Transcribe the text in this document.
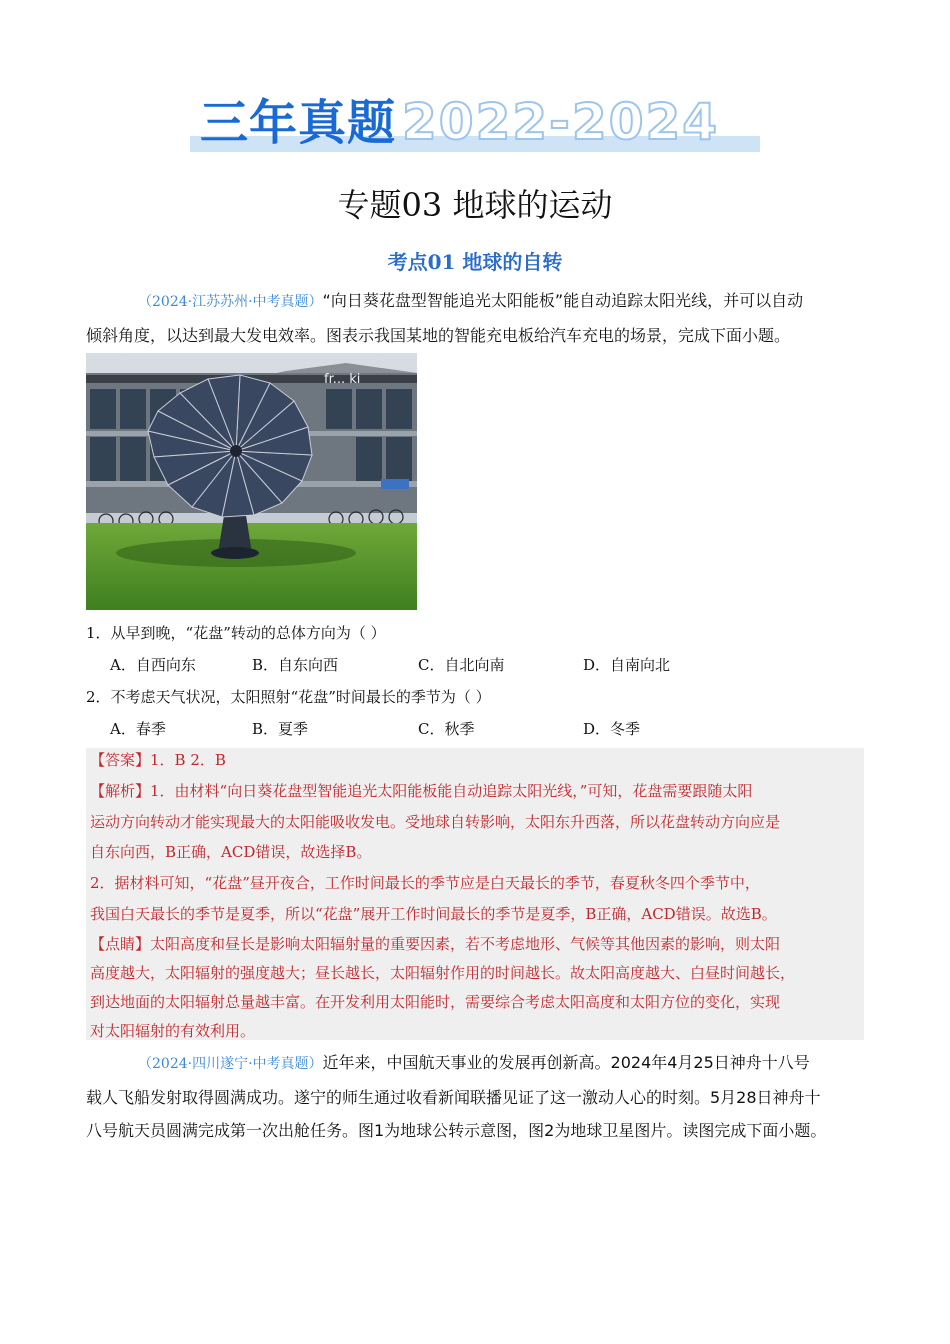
三年真题 2022-2024
专题03 地球的运动
考点01 地球的自转
（2024·江苏苏州·中考真题）“向日葵花盘型智能追光太阳能板”能自动追踪太阳光线，并可以自动
倾斜角度，以达到最大发电效率。图表示我国某地的智能充电板给汽车充电的场景，完成下面小题。
fr... ki
1．从早到晚，“花盘”转动的总体方向为（ ）
A．自西向东	B．自东向西	C．自北向南	D．自南向北
2．不考虑天气状况，太阳照射“花盘”时间最长的季节为（ ）
A．春季	B．夏季	C．秋季	D．冬季
【答案】1．B 2．B
【解析】1．由材料“向日葵花盘型智能追光太阳能板能自动追踪太阳光线，”可知，花盘需要跟随太阳
运动方向转动才能实现最大的太阳能吸收发电。受地球自转影响，太阳东升西落，所以花盘转动方向应是
自东向西，B正确，ACD错误，故选择B。
2．据材料可知，“花盘”昼开夜合，工作时间最长的季节应是白天最长的季节，春夏秋冬四个季节中，
我国白天最长的季节是夏季，所以“花盘”展开工作时间最长的季节是夏季，B正确，ACD错误。故选B。
【点睛】太阳高度和昼长是影响太阳辐射量的重要因素，若不考虑地形、气候等其他因素的影响，则太阳
高度越大，太阳辐射的强度越大；昼长越长，太阳辐射作用的时间越长。故太阳高度越大、白昼时间越长，
到达地面的太阳辐射总量越丰富。在开发利用太阳能时，需要综合考虑太阳高度和太阳方位的变化，实现
对太阳辐射的有效利用。
（2024·四川遂宁·中考真题）近年来，中国航天事业的发展再创新高。2024年4月25日神舟十八号
载人飞船发射取得圆满成功。遂宁的师生通过收看新闻联播见证了这一激动人心的时刻。5月28日神舟十
八号航天员圆满完成第一次出舱任务。图1为地球公转示意图，图2为地球卫星图片。读图完成下面小题。
